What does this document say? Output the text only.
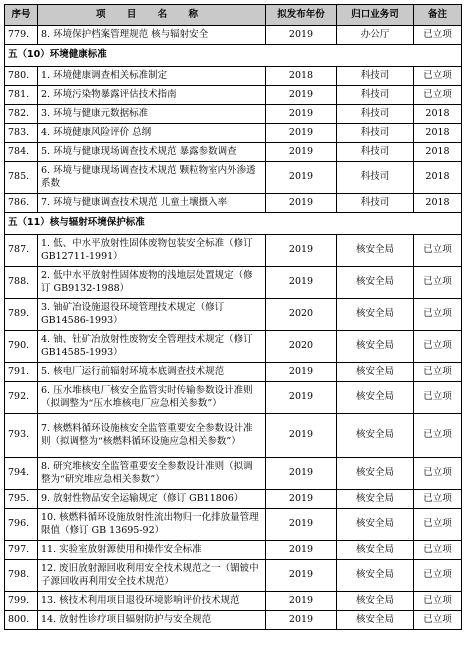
序号	项 目 名 称	拟发布年份	归口业务司	备注
779.	8. 环境保护档案管理规范 核与辐射安全	2019	办公厅	已立项
五（10）环境健康标准				
780.	1. 环境健康调查相关标准制定	2018	科技司	已立项
781.	2. 环境污染物暴露评估技术指南	2019	科技司	已立项
782.	3. 环境与健康元数据标准	2019	科技司	2018
783.	4. 环境健康风险评价 总纲	2019	科技司	2018
784.	5. 环境与健康现场调查技术规范 暴露参数调查	2019	科技司	2018
785.	6. 环境与健康现场调查技术规范 颗粒物室内外渗透系数	2019	科技司	2018
786.	7. 环境与健康调查技术规范 儿童土壤摄入率	2019	科技司	2018
五（11）核与辐射环境保护标准				
787.	1. 低、中水平放射性固体废物包装安全标准（修订GB12711-1991）	2019	核安全局	已立项
788.	2. 低中水平放射性固体废物的浅地层处置规定（修订 GB9132-1988）	2019	核安全局	已立项
789.	3. 铀矿冶设施退役环境管理技术规定（修订GB14586-1993）	2020	核安全局	已立项
790.	4. 铀、钍矿冶放射性废物安全管理技术规定（修订 GB14585-1993）	2020	核安全局	已立项
791.	5. 核电厂运行前辐射环境本底调查技术规范	2019	核安全局	已立项
792.	6. 压水堆核电厂核安全监管实时传输参数设计准则（拟调整为“压水堆核电厂应急相关参数”）	2019	核安全局	已立项
793.	7. 核燃料循环设施核安全监管重要安全参数设计准则（拟调整为“核燃料循环设施应急相关参数”）	2019	核安全局	已立项
794.	8. 研究堆核安全监管重要安全参数设计准则（拟调整为“研究堆应急相关参数”）	2019	核安全局	已立项
795.	9. 放射性物品安全运输规定（修订 GB11806）	2019	核安全局	已立项
796.	10. 核燃料循环设施放射性流出物归一化排放量管理限值（修订 GB 13695-92）	2019	核安全局	已立项
797.	11. 实验室放射源使用和操作安全标准	2019	核安全局	已立项
798.	12. 废旧放射源回收利用安全技术规范之一（镅铍中子源回收再利用安全技术规范）	2019	核安全局	已立项
799.	13. 核技术利用项目退役环境影响评价技术规范	2019	核安全局	已立项
800.	14. 放射性诊疗项目辐射防护与安全规范	2019	核安全局	已立项
